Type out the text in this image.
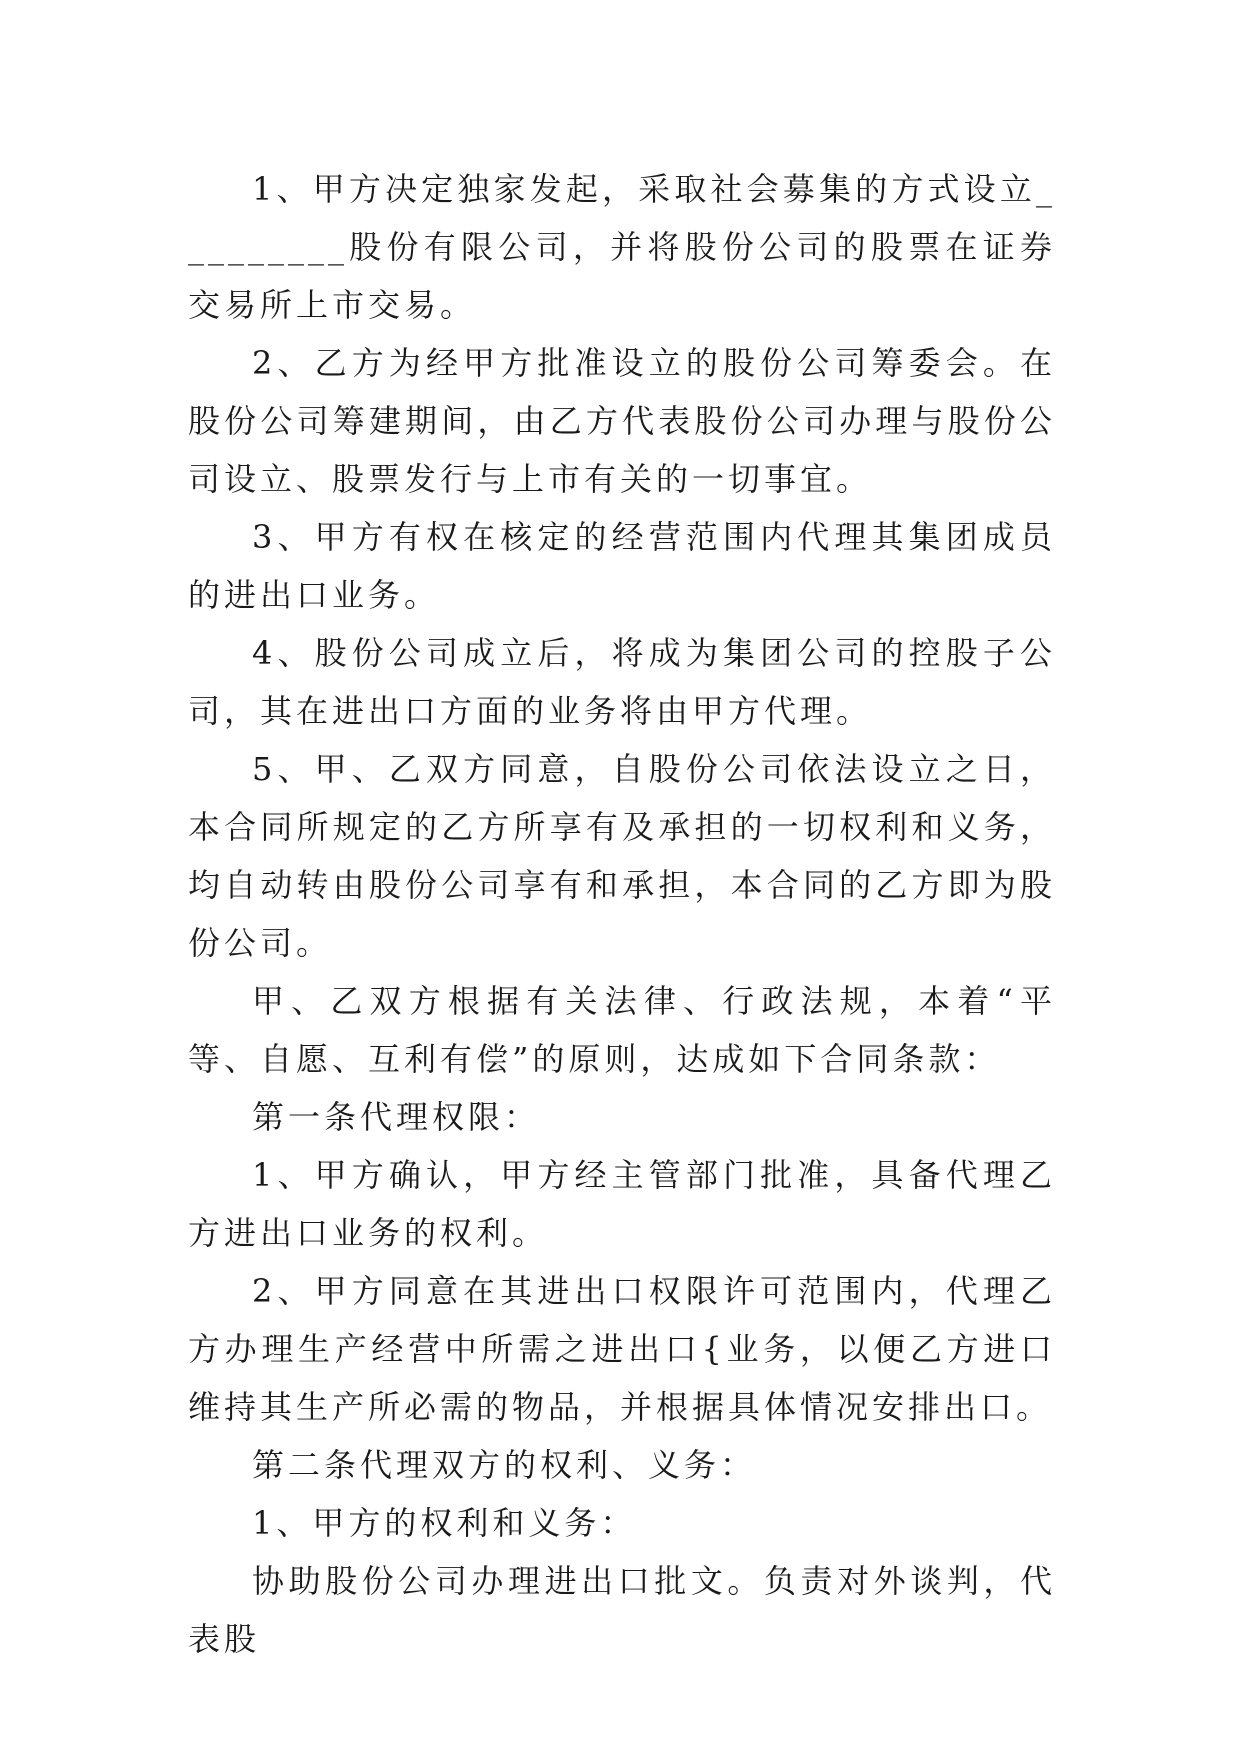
1、甲方决定独家发起，采取社会募集的方式设立_________股份有限公司，并将股份公司的股票在证券交易所上市交易。

2、乙方为经甲方批准设立的股份公司筹委会。在股份公司筹建期间，由乙方代表股份公司办理与股份公司设立、股票发行与上市有关的一切事宜。

3、甲方有权在核定的经营范围内代理其集团成员的进出口业务。

4、股份公司成立后，将成为集团公司的控股子公司，其在进出口方面的业务将由甲方代理。

5、甲、乙双方同意，自股份公司依法设立之日，本合同所规定的乙方所享有及承担的一切权利和义务，均自动转由股份公司享有和承担，本合同的乙方即为股份公司。

甲、乙双方根据有关法律、行政法规，本着“平等、自愿、互利有偿”的原则，达成如下合同条款：

第一条代理权限：

1、甲方确认，甲方经主管部门批准，具备代理乙方进出口业务的权利。

2、甲方同意在其进出口权限许可范围内，代理乙方办理生产经营中所需之进出口{业务，以便乙方进口维持其生产所必需的物品，并根据具体情况安排出口。

第二条代理双方的权利、义务：

1、甲方的权利和义务：

协助股份公司办理进出口批文。负责对外谈判，代表股
